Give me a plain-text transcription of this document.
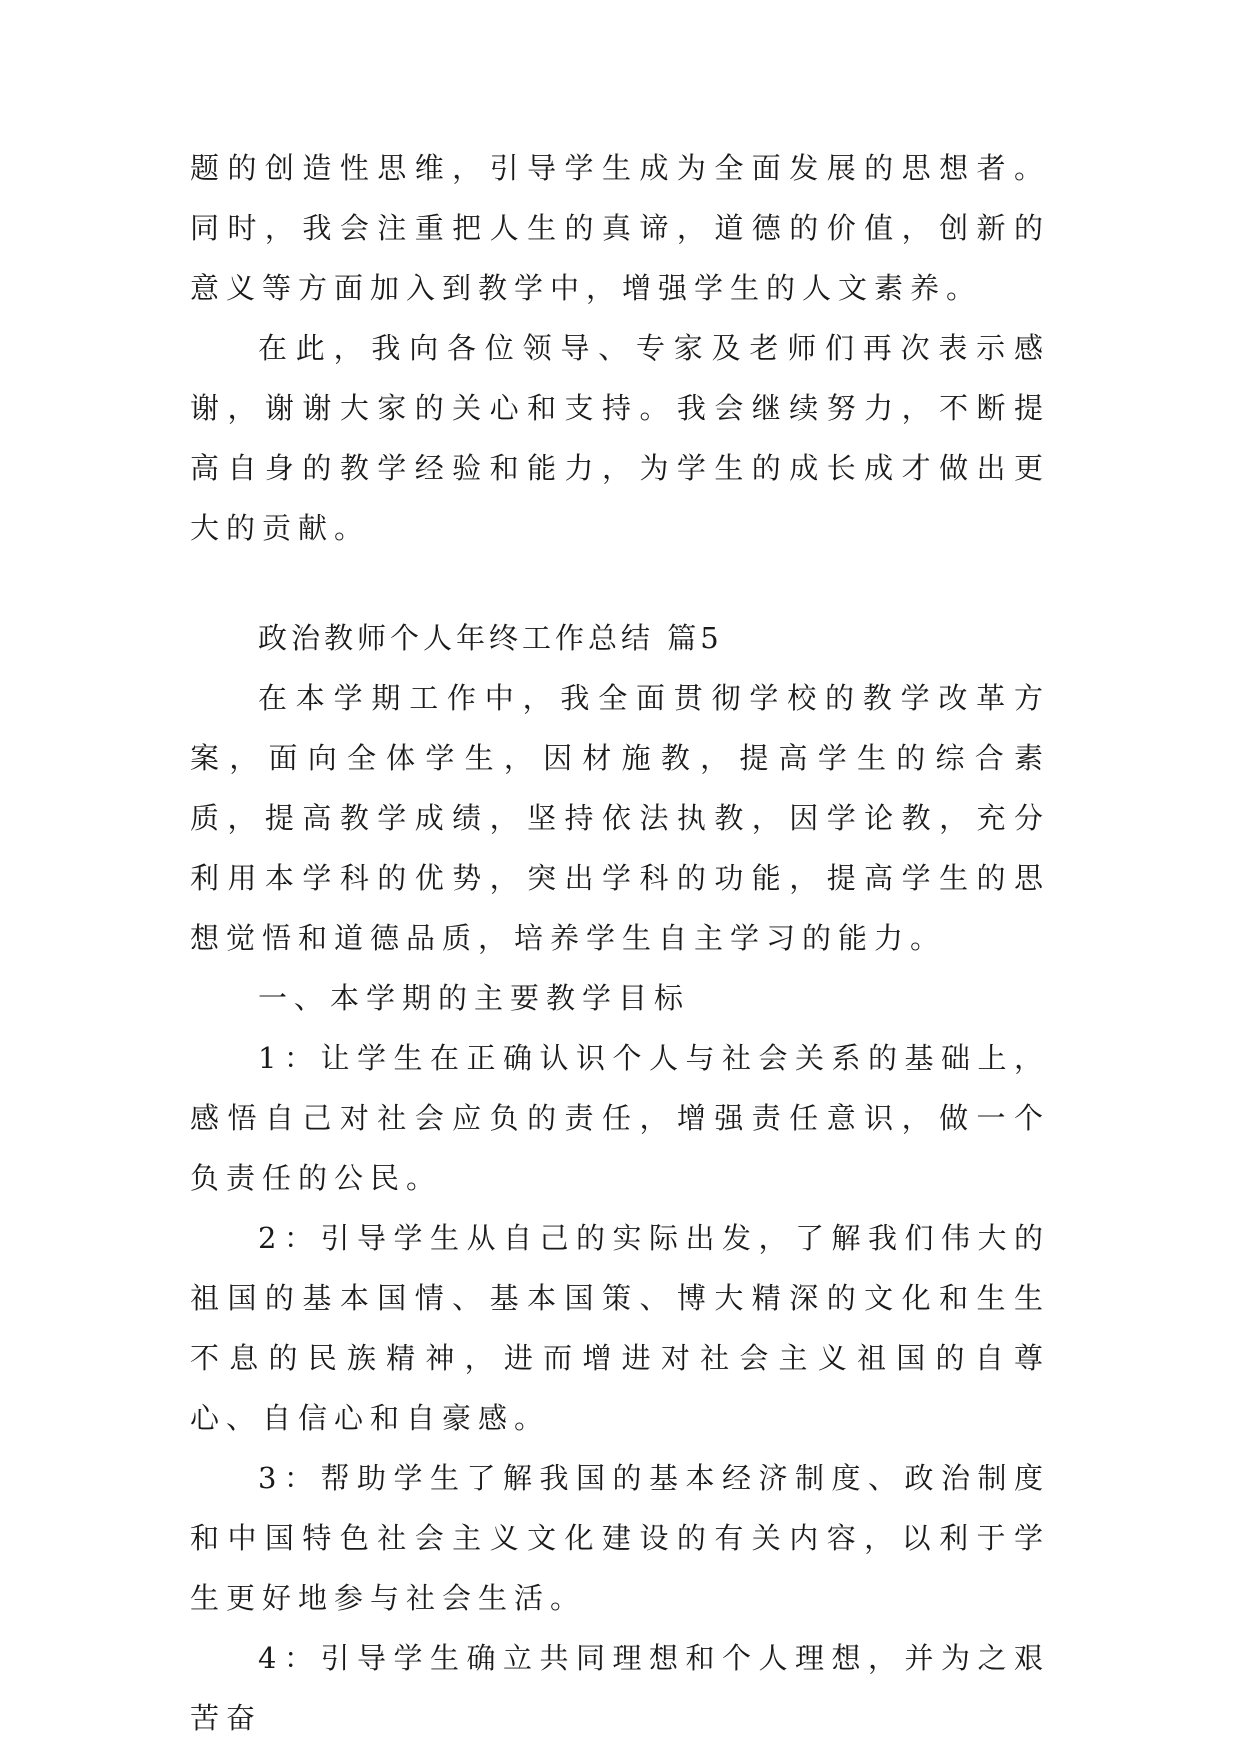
题的创造性思维，引导学生成为全面发展的思想者。同时，我会注重把人生的真谛，道德的价值，创新的意义等方面加入到教学中，增强学生的人文素养。

在此，我向各位领导、专家及老师们再次表示感谢，谢谢大家的关心和支持。我会继续努力，不断提高自身的教学经验和能力，为学生的成长成才做出更大的贡献。

政治教师个人年终工作总结 篇5

在本学期工作中，我全面贯彻学校的教学改革方案，面向全体学生，因材施教，提高学生的综合素质，提高教学成绩，坚持依法执教，因学论教，充分利用本学科的优势，突出学科的功能，提高学生的思想觉悟和道德品质，培养学生自主学习的能力。

一、本学期的主要教学目标

1：让学生在正确认识个人与社会关系的基础上，感悟自己对社会应负的责任，增强责任意识，做一个负责任的公民。

2：引导学生从自己的实际出发，了解我们伟大的祖国的基本国情、基本国策、博大精深的文化和生生不息的民族精神，进而增进对社会主义祖国的自尊心、自信心和自豪感。

3：帮助学生了解我国的基本经济制度、政治制度和中国特色社会主义文化建设的有关内容，以利于学生更好地参与社会生活。

4：引导学生确立共同理想和个人理想，并为之艰苦奋
